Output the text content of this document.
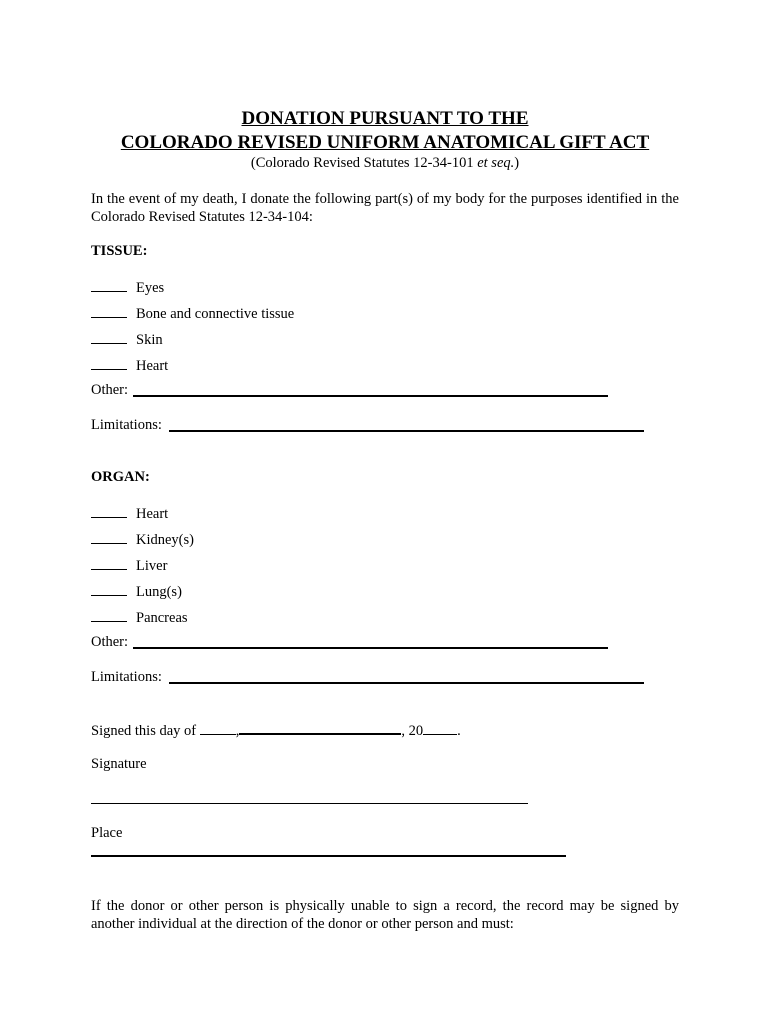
DONATION PURSUANT TO THE
COLORADO REVISED UNIFORM ANATOMICAL GIFT ACT
(Colorado Revised Statutes 12-34-101 et seq.)
In the event of my death, I donate the following part(s) of my body for the purposes identified in the Colorado Revised Statutes 12-34-104:
TISSUE:
Eyes
Bone and connective tissue
Skin
Heart
Other:
Limitations:
ORGAN:
Heart
Kidney(s)
Liver
Lung(s)
Pancreas
Other:
Limitations:
Signed this day of	,	, 20 .
Signature
Place
If the donor or other person is physically unable to sign a record, the record may be signed by another individual at the direction of the donor or other person and must:
